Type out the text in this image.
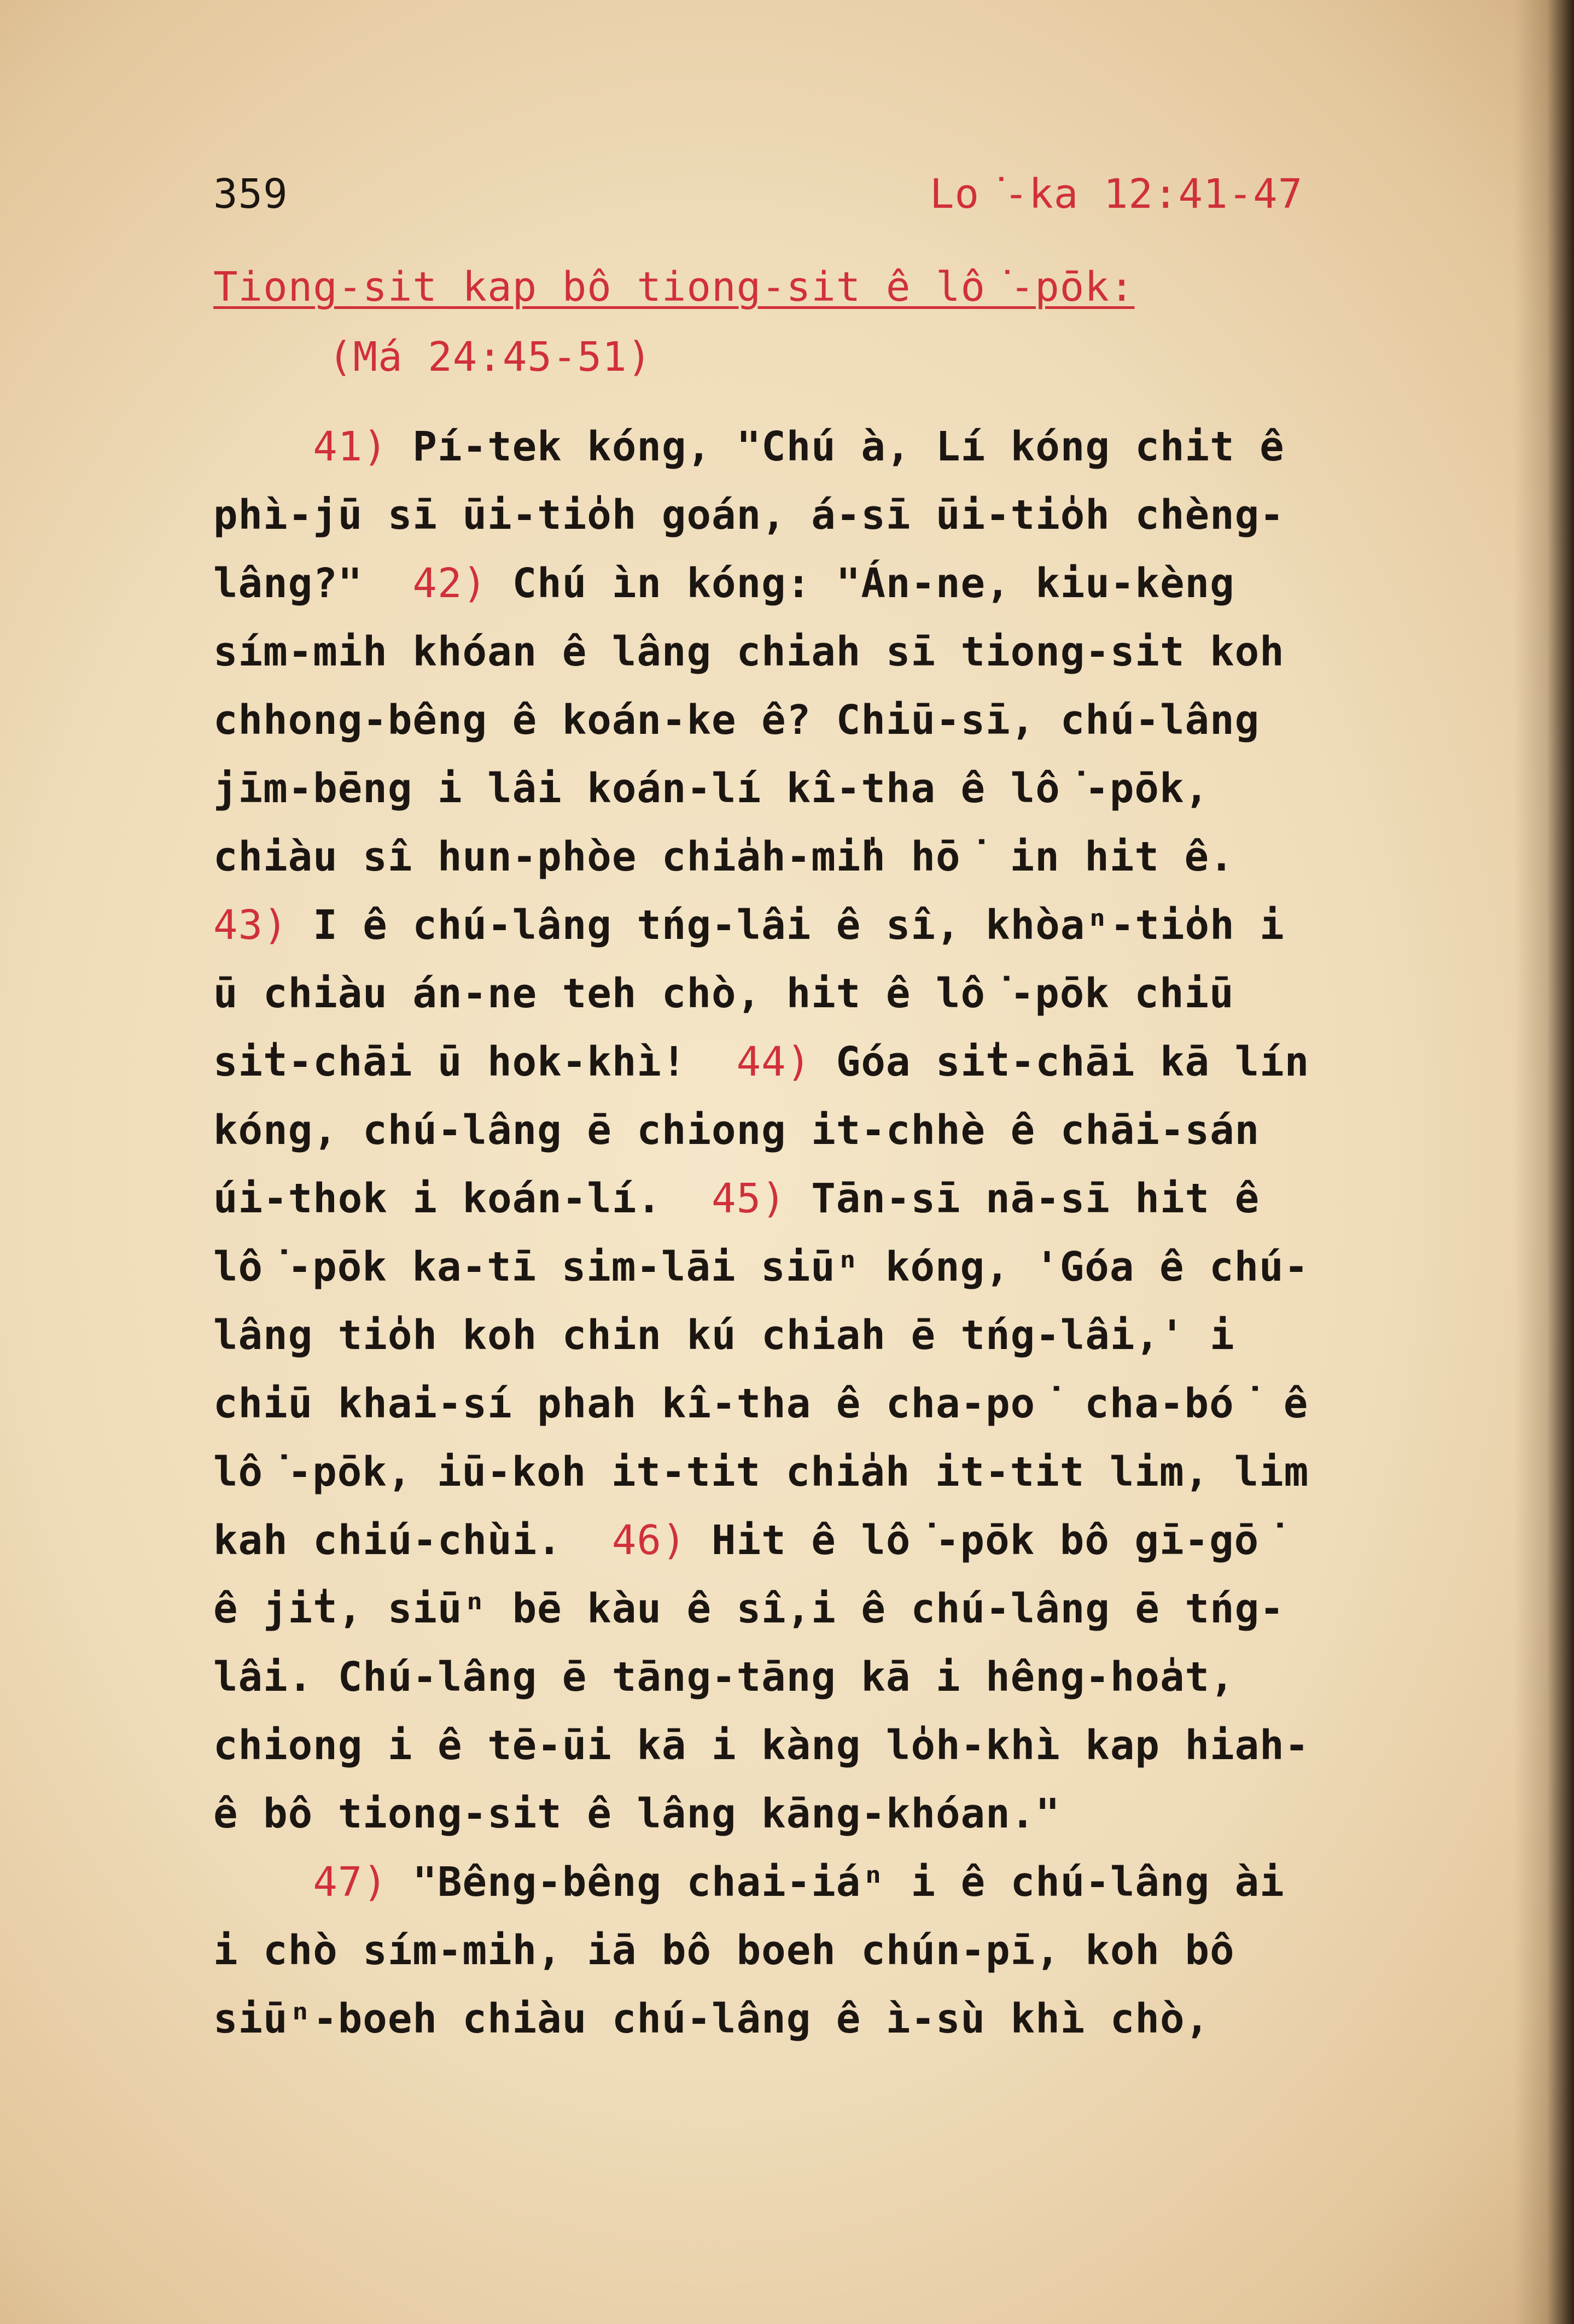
359	Lo͘-ka 12:41-47
Tiong-sit kap bô tiong-sit ê lô͘-pōk:
(Má 24:45-51)
41) Pí-tek kóng, "Chú à, Lí kóng chit ê
phì-jū sī ūi-tio̍h goán, á-sī ūi-tio̍h chèng-
lâng?"  42) Chú ìn kóng: "Án-ne, kiu-kèng
sím-mih khóan ê lâng chiah sī tiong-sit koh
chhong-bêng ê koán-ke ê? Chiū-sī, chú-lâng
jīm-bēng i lâi koán-lí kî-tha ê lô͘-pōk,
chiàu sî hun-phòe chia̍h-mi̍h hō͘ in hit ê.
43) I ê chú-lâng tńg-lâi ê sî, khòaⁿ-tio̍h i
ū chiàu án-ne teh chò, hit ê lô͘-pōk chiū
si̍t-chāi ū hok-khì!  44) Góa si̍t-chāi kā lín
kóng, chú-lâng ē chiong it-chhè ê chāi-sán
úi-thok i koán-lí.  45) Tān-sī nā-sī hit ê
lô͘-pōk ka-tī sim-lāi siūⁿ kóng, 'Góa ê chú-
lâng tio̍h koh chin kú chiah ē tńg-lâi,' i
chiū khai-sí phah kî-tha ê cha-po͘ cha-bó͘ ê
lô͘-pōk, iū-koh it-tit chia̍h it-tit lim, lim
kah chiú-chùi.  46) Hit ê lô͘-pōk bô gī-gō͘
ê ji̍t, siūⁿ bē kàu ê sî,i ê chú-lâng ē tńg-
lâi. Chú-lâng ē tāng-tāng kā i hêng-hoa̍t,
chiong i ê tē-ūi kā i kàng lo̍h-khì kap hiah-
ê bô tiong-sit ê lâng kāng-khóan."
47) "Bêng-bêng chai-iáⁿ i ê chú-lâng ài
i chò sím-mih, iā bô boeh chún-pī, koh bô
siūⁿ-boeh chiàu chú-lâng ê ì-sù khì chò,
